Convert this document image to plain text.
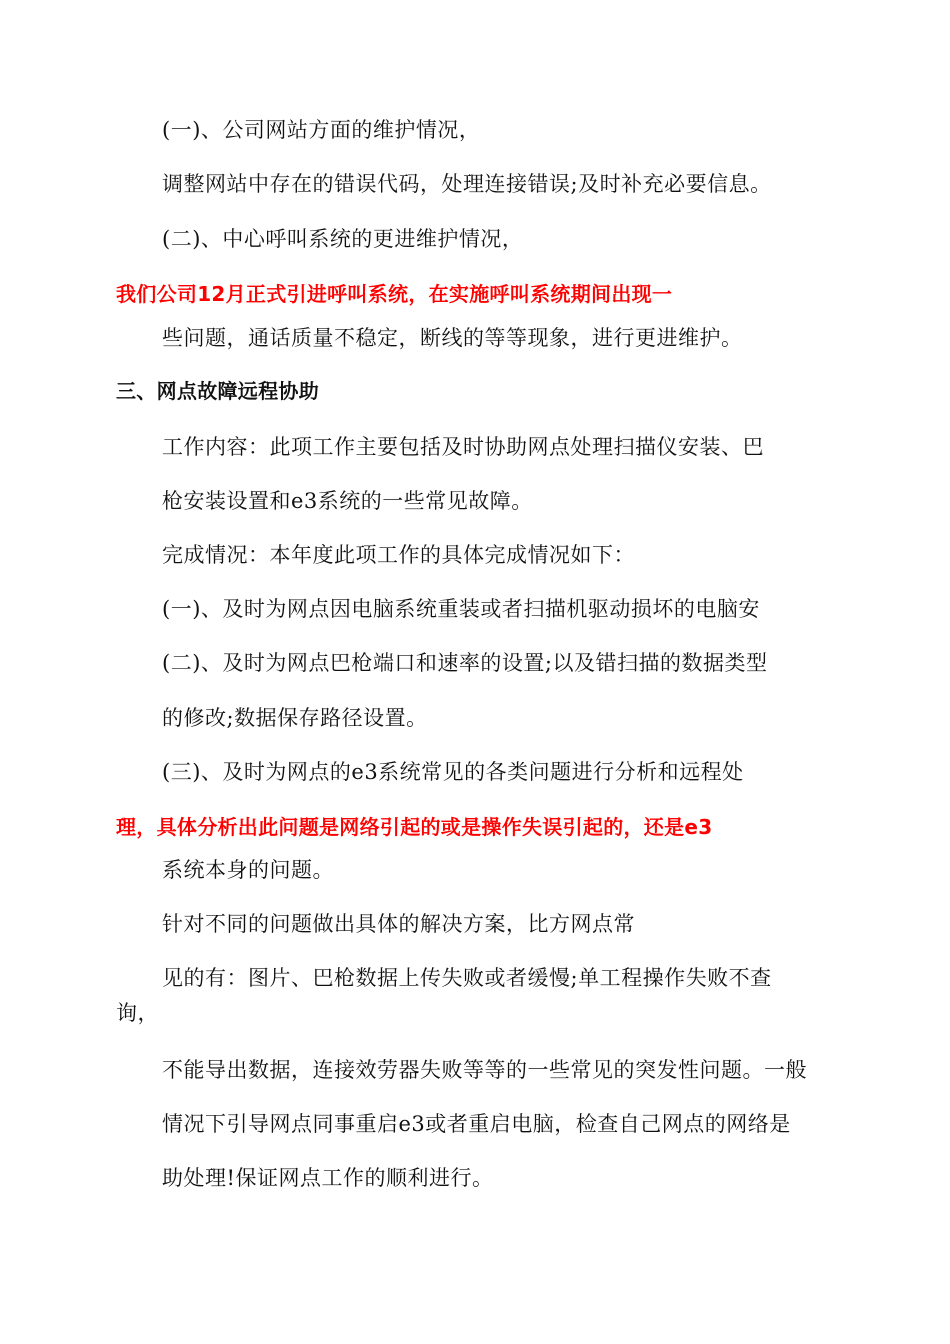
(一)、公司网站方面的维护情况，
调整网站中存在的错误代码，处理连接错误;及时补充必要信息。
(二)、中心呼叫系统的更进维护情况，
我们公司12月正式引进呼叫系统，在实施呼叫系统期间出现一
些问题，通话质量不稳定，断线的等等现象，进行更进维护。
三、网点故障远程协助
工作内容：此项工作主要包括及时协助网点处理扫描仪安装、巴
枪安装设置和e3系统的一些常见故障。
完成情况：本年度此项工作的具体完成情况如下：
(一)、及时为网点因电脑系统重装或者扫描机驱动损坏的电脑安
(二)、及时为网点巴枪端口和速率的设置;以及错扫描的数据类型
的修改;数据保存路径设置。
(三)、及时为网点的e3系统常见的各类问题进行分析和远程处
理，具体分析出此问题是网络引起的或是操作失误引起的，还是e3
系统本身的问题。
针对不同的问题做出具体的解决方案，比方网点常
见的有：图片、巴枪数据上传失败或者缓慢;单工程操作失败不查
询，
不能导出数据，连接效劳器失败等等的一些常见的突发性问题。一般
情况下引导网点同事重启e3或者重启电脑，检查自己网点的网络是
助处理!保证网点工作的顺利进行。
